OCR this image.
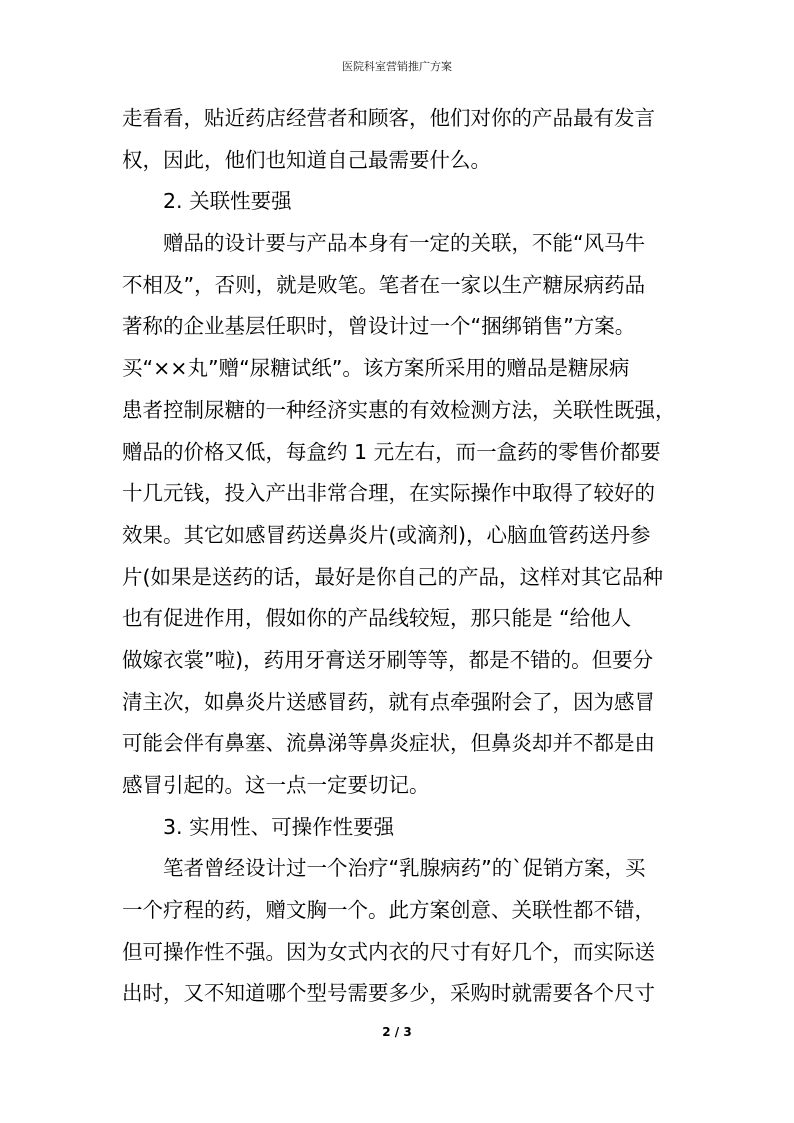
医院科室营销推广方案
走看看，贴近药店经营者和顾客，他们对你的产品最有发言
权，因此，他们也知道自己最需要什么。
2. 关联性要强
赠品的设计要与产品本身有一定的关联，不能“风马牛
不相及”，否则，就是败笔。笔者在一家以生产糖尿病药品
著称的企业基层任职时，曾设计过一个“捆绑销售”方案。
买“××丸”赠“尿糖试纸”。该方案所采用的赠品是糖尿病
患者控制尿糖的一种经济实惠的有效检测方法，关联性既强，
赠品的价格又低，每盒约 1 元左右，而一盒药的零售价都要
十几元钱，投入产出非常合理，在实际操作中取得了较好的
效果。其它如感冒药送鼻炎片(或滴剂)，心脑血管药送丹参
片(如果是送药的话，最好是你自己的产品，这样对其它品种
也有促进作用，假如你的产品线较短，那只能是 “给他人
做嫁衣裳”啦)，药用牙膏送牙刷等等，都是不错的。但要分
清主次，如鼻炎片送感冒药，就有点牵强附会了，因为感冒
可能会伴有鼻塞、流鼻涕等鼻炎症状，但鼻炎却并不都是由
感冒引起的。这一点一定要切记。
3. 实用性、可操作性要强
笔者曾经设计过一个治疗“乳腺病药”的`促销方案，买
一个疗程的药，赠文胸一个。此方案创意、关联性都不错，
但可操作性不强。因为女式内衣的尺寸有好几个，而实际送
出时，又不知道哪个型号需要多少，采购时就需要各个尺寸
2 / 3
